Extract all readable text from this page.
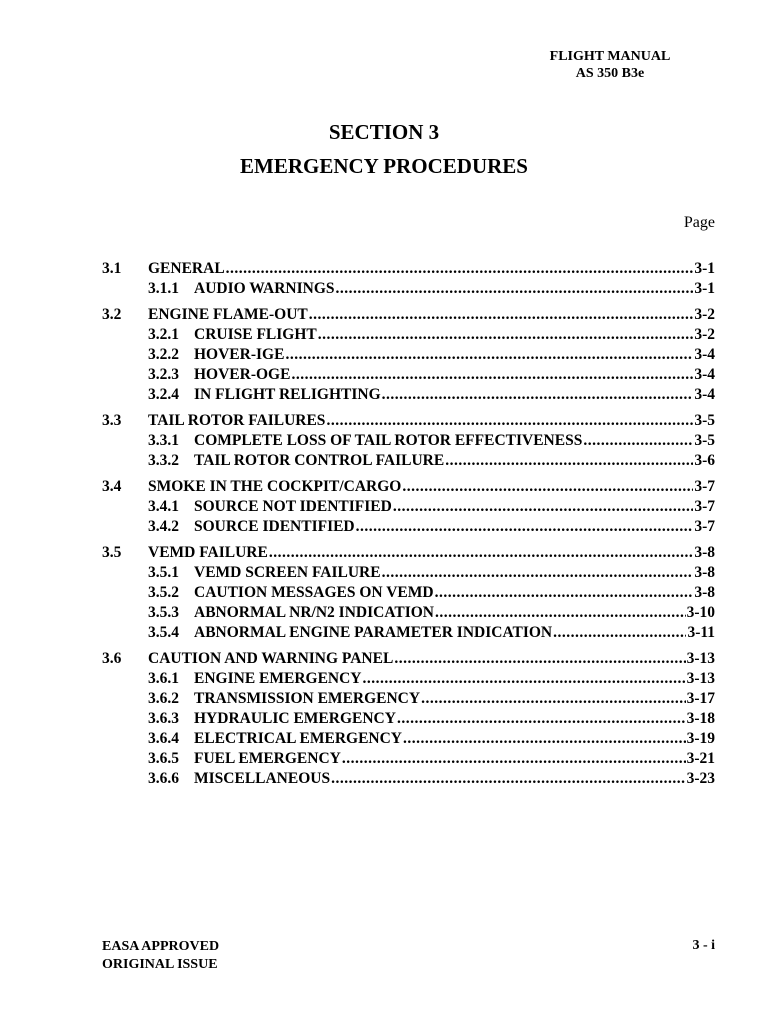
FLIGHT MANUAL
AS 350 B3e
SECTION 3
EMERGENCY PROCEDURES
Page
3.1 GENERAL .....	3-1
3.1.1 AUDIO WARNINGS .....	3-1
3.2 ENGINE FLAME-OUT .....	3-2
3.2.1 CRUISE FLIGHT .....	3-2
3.2.2 HOVER-IGE .....	3-4
3.2.3 HOVER-OGE .....	3-4
3.2.4 IN FLIGHT RELIGHTING .....	3-4
3.3 TAIL ROTOR FAILURES .....	3-5
3.3.1 COMPLETE LOSS OF TAIL ROTOR EFFECTIVENESS .....	3-5
3.3.2 TAIL ROTOR CONTROL FAILURE .....	3-6
3.4 SMOKE IN THE COCKPIT/CARGO .....	3-7
3.4.1 SOURCE NOT IDENTIFIED .....	3-7
3.4.2 SOURCE IDENTIFIED .....	3-7
3.5 VEMD FAILURE .....	3-8
3.5.1 VEMD SCREEN FAILURE .....	3-8
3.5.2 CAUTION MESSAGES ON VEMD .....	3-8
3.5.3 ABNORMAL NR/N2 INDICATION .....	3-10
3.5.4 ABNORMAL ENGINE PARAMETER INDICATION .....	3-11
3.6 CAUTION AND WARNING PANEL .....	3-13
3.6.1 ENGINE EMERGENCY .....	3-13
3.6.2 TRANSMISSION EMERGENCY .....	3-17
3.6.3 HYDRAULIC EMERGENCY .....	3-18
3.6.4 ELECTRICAL EMERGENCY .....	3-19
3.6.5 FUEL EMERGENCY .....	3-21
3.6.6 MISCELLANEOUS .....	3-23
EASA APPROVED
ORIGINAL ISSUE
3 - i
